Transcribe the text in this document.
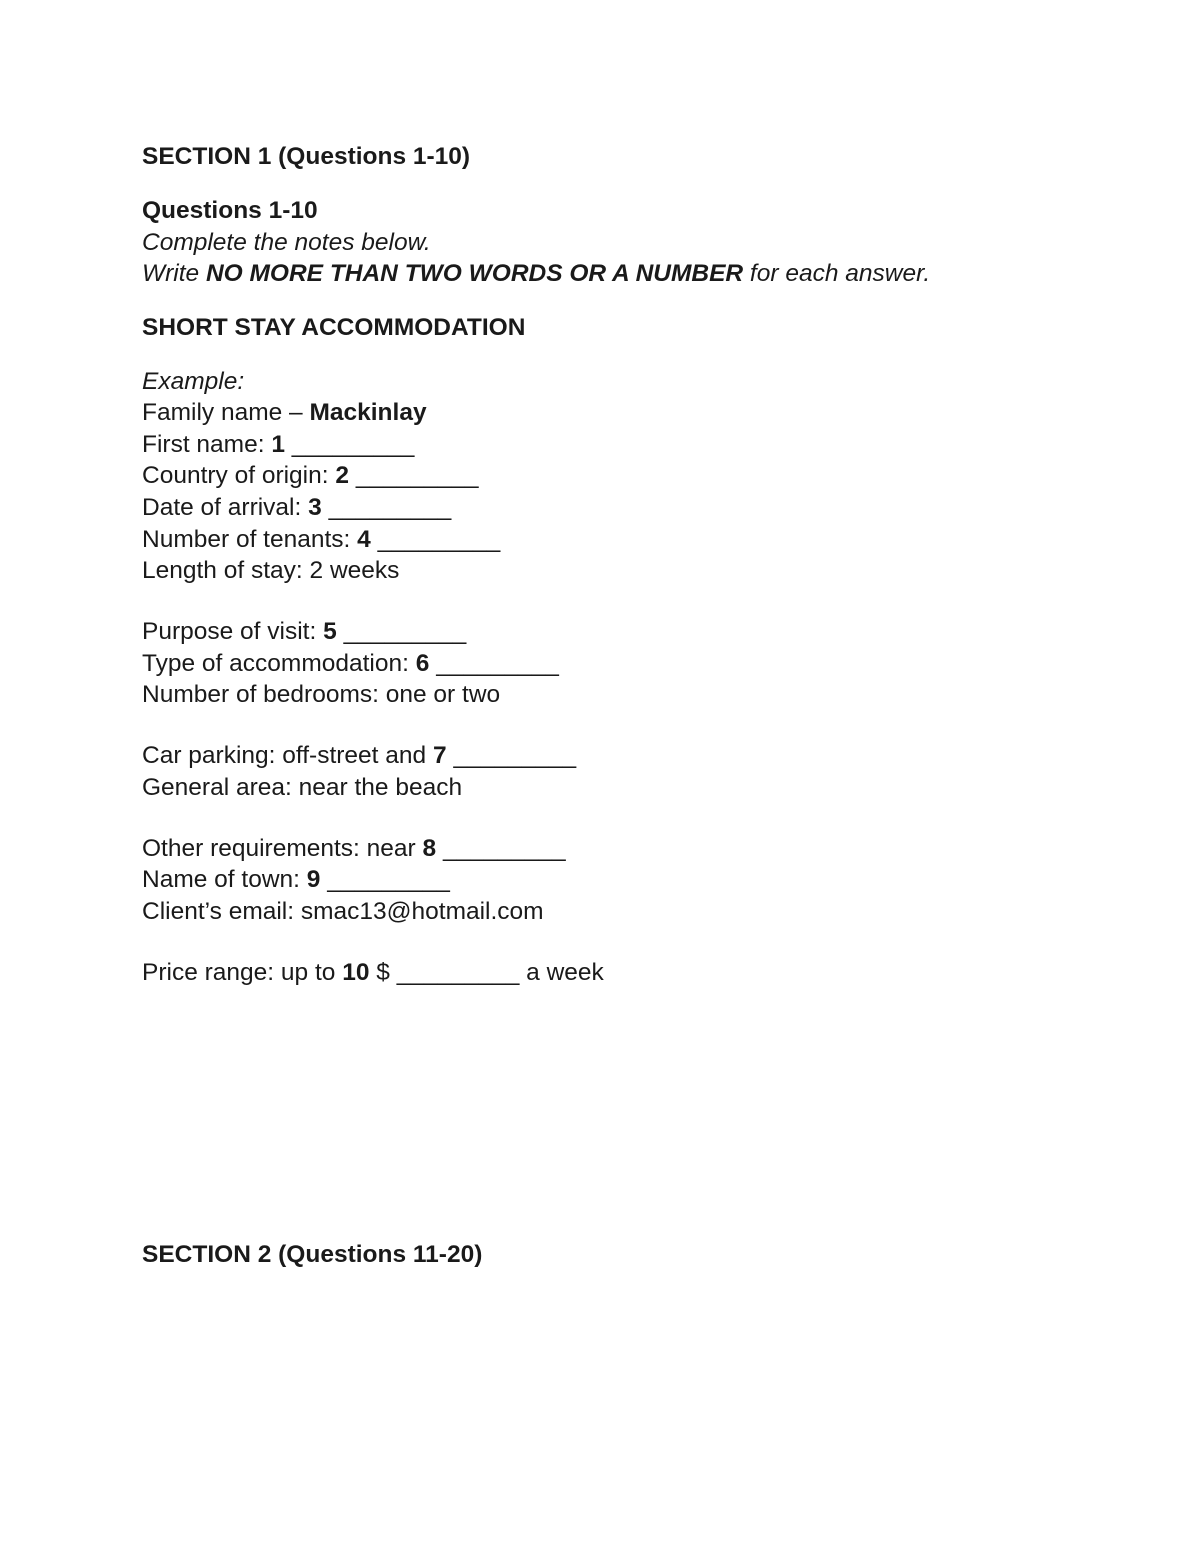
SECTION 1 (Questions 1-10)
Questions 1-10
Complete the notes below.
Write NO MORE THAN TWO WORDS OR A NUMBER for each answer.
SHORT STAY ACCOMMODATION
Example:
Family name – Mackinlay
First name: 1 _________
Country of origin: 2 _________
Date of arrival: 3 _________
Number of tenants: 4 _________
Length of stay: 2 weeks
Purpose of visit: 5 _________
Type of accommodation: 6 _________
Number of bedrooms: one or two
Car parking: off-street and 7 _________
General area: near the beach
Other requirements: near 8 _________
Name of town: 9 _________
Client’s email: smac13@hotmail.com
Price range: up to 10 $ _________ a week
SECTION 2 (Questions 11-20)
